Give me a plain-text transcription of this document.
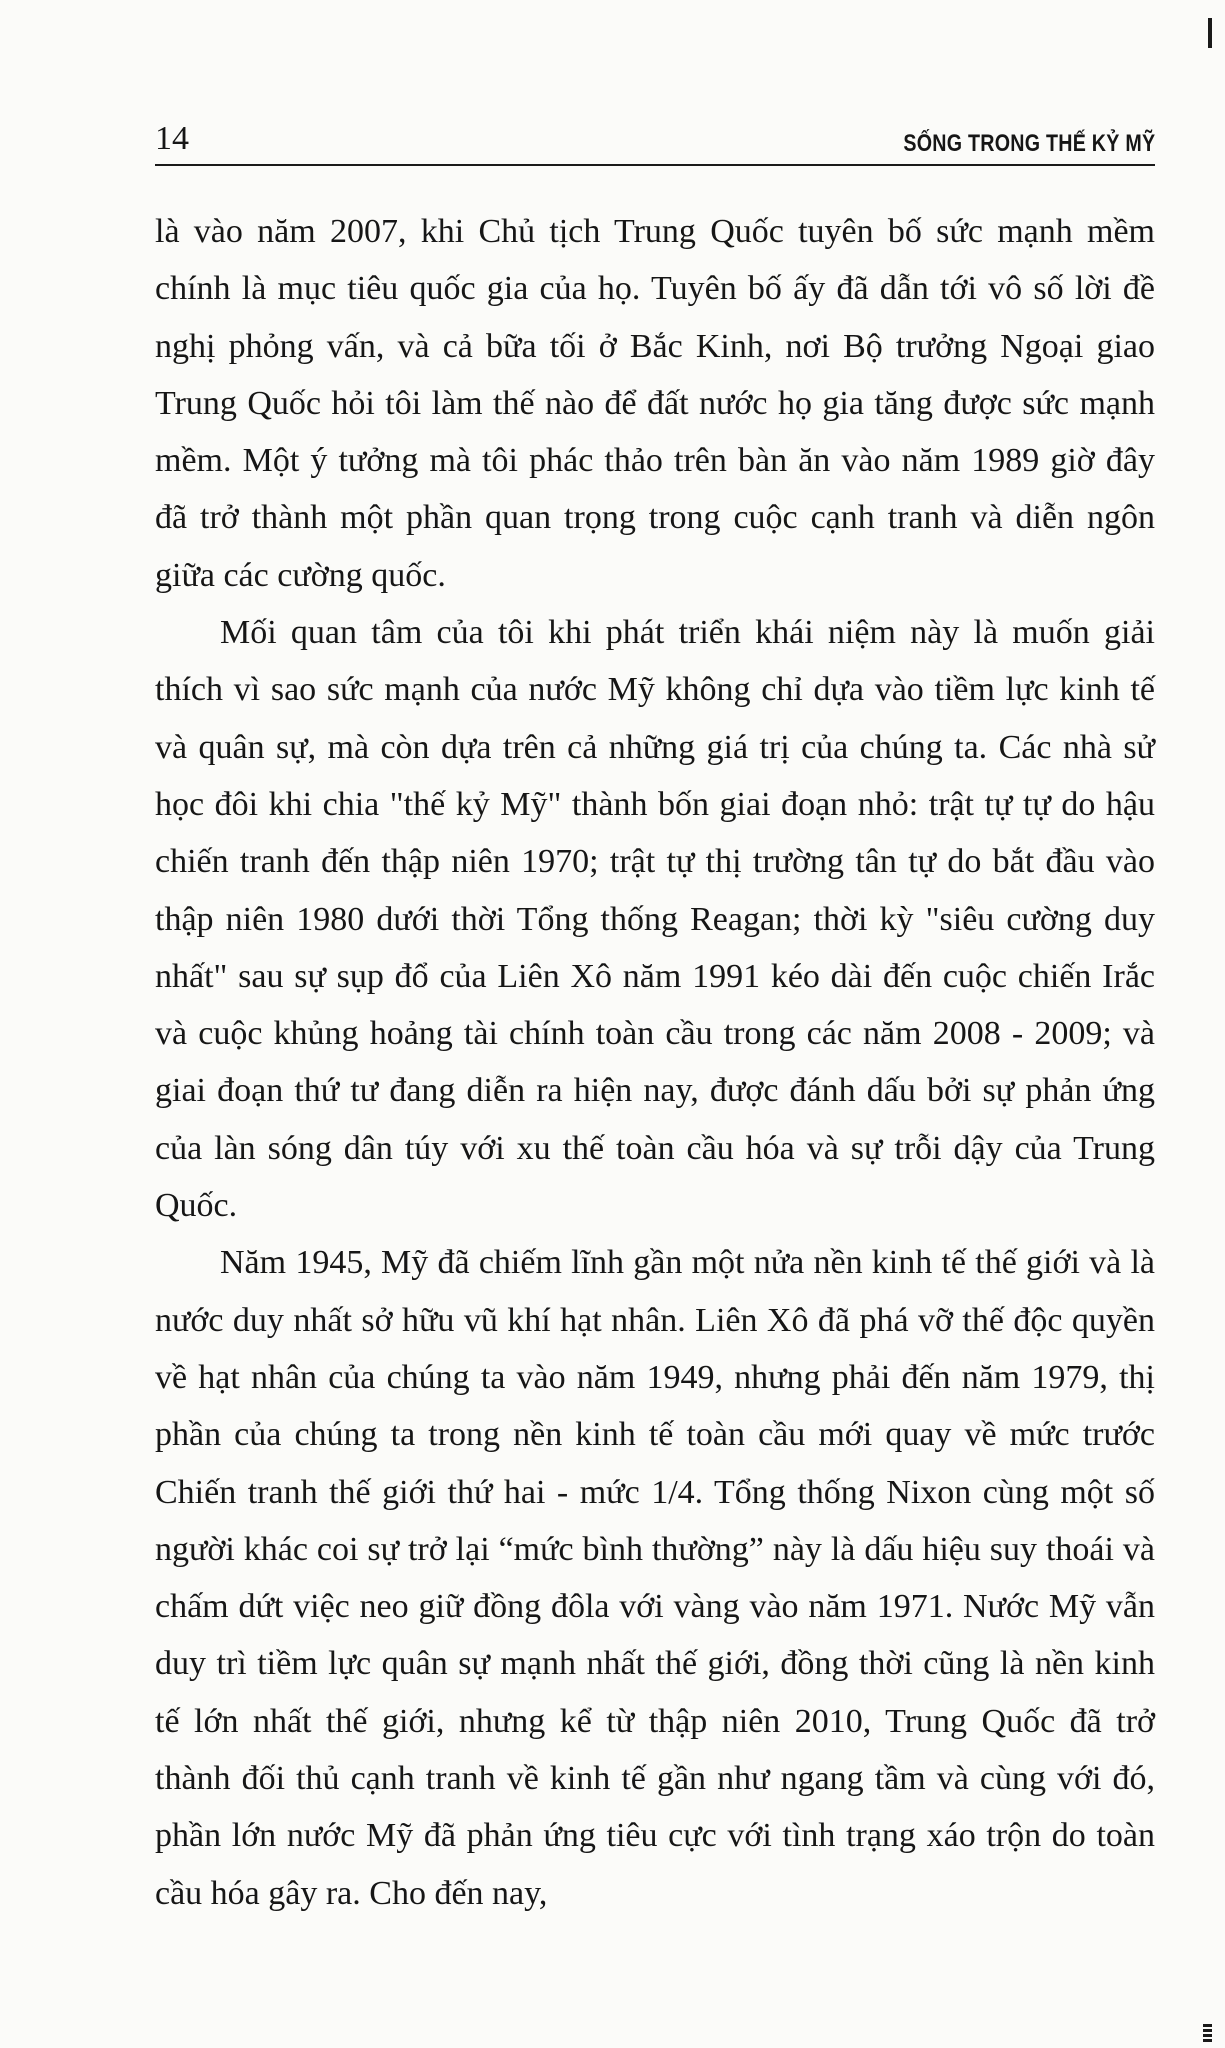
14	SỐNG TRONG THẾ KỶ MỸ

là vào năm 2007, khi Chủ tịch Trung Quốc tuyên bố sức mạnh mềm chính là mục tiêu quốc gia của họ. Tuyên bố ấy đã dẫn tới vô số lời đề nghị phỏng vấn, và cả bữa tối ở Bắc Kinh, nơi Bộ trưởng Ngoại giao Trung Quốc hỏi tôi làm thế nào để đất nước họ gia tăng được sức mạnh mềm. Một ý tưởng mà tôi phác thảo trên bàn ăn vào năm 1989 giờ đây đã trở thành một phần quan trọng trong cuộc cạnh tranh và diễn ngôn giữa các cường quốc.

Mối quan tâm của tôi khi phát triển khái niệm này là muốn giải thích vì sao sức mạnh của nước Mỹ không chỉ dựa vào tiềm lực kinh tế và quân sự, mà còn dựa trên cả những giá trị của chúng ta. Các nhà sử học đôi khi chia "thế kỷ Mỹ" thành bốn giai đoạn nhỏ: trật tự tự do hậu chiến tranh đến thập niên 1970; trật tự thị trường tân tự do bắt đầu vào thập niên 1980 dưới thời Tổng thống Reagan; thời kỳ "siêu cường duy nhất" sau sự sụp đổ của Liên Xô năm 1991 kéo dài đến cuộc chiến Irắc và cuộc khủng hoảng tài chính toàn cầu trong các năm 2008 - 2009; và giai đoạn thứ tư đang diễn ra hiện nay, được đánh dấu bởi sự phản ứng của làn sóng dân túy với xu thế toàn cầu hóa và sự trỗi dậy của Trung Quốc.

Năm 1945, Mỹ đã chiếm lĩnh gần một nửa nền kinh tế thế giới và là nước duy nhất sở hữu vũ khí hạt nhân. Liên Xô đã phá vỡ thế độc quyền về hạt nhân của chúng ta vào năm 1949, nhưng phải đến năm 1979, thị phần của chúng ta trong nền kinh tế toàn cầu mới quay về mức trước Chiến tranh thế giới thứ hai - mức 1/4. Tổng thống Nixon cùng một số người khác coi sự trở lại “mức bình thường” này là dấu hiệu suy thoái và chấm dứt việc neo giữ đồng đôla với vàng vào năm 1971. Nước Mỹ vẫn duy trì tiềm lực quân sự mạnh nhất thế giới, đồng thời cũng là nền kinh tế lớn nhất thế giới, nhưng kể từ thập niên 2010, Trung Quốc đã trở thành đối thủ cạnh tranh về kinh tế gần như ngang tầm và cùng với đó, phần lớn nước Mỹ đã phản ứng tiêu cực với tình trạng xáo trộn do toàn cầu hóa gây ra. Cho đến nay,
